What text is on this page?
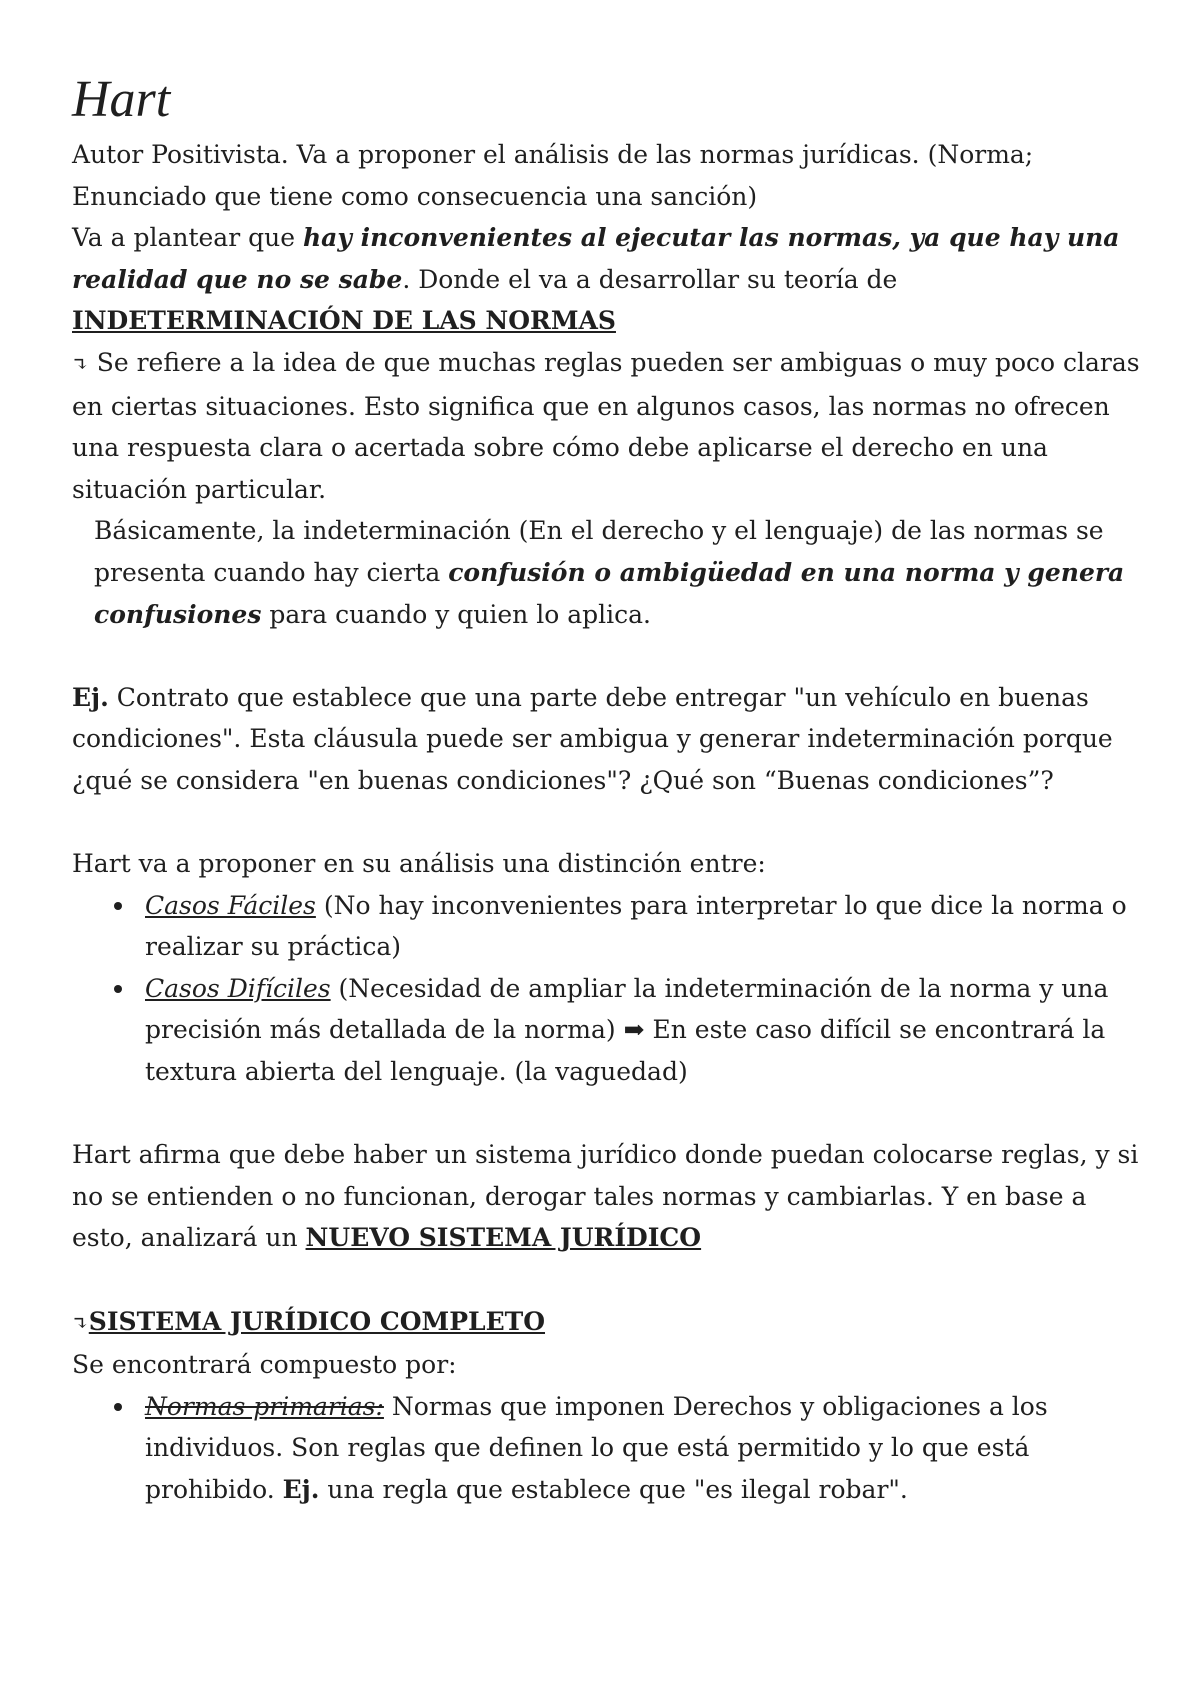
Hart

Autor Positivista. Va a proponer el análisis de las normas jurídicas. (Norma; Enunciado que tiene como consecuencia una sanción)
Va a plantear que hay inconvenientes al ejecutar las normas, ya que hay una realidad que no se sabe. Donde el va a desarrollar su teoría de
INDETERMINACIÓN DE LAS NORMAS

↴ Se refiere a la idea de que muchas reglas pueden ser ambiguas o muy poco claras en ciertas situaciones. Esto significa que en algunos casos, las normas no ofrecen una respuesta clara o acertada sobre cómo debe aplicarse el derecho en una situación particular.

Básicamente, la indeterminación (En el derecho y el lenguaje) de las normas se presenta cuando hay cierta confusión o ambigüedad en una norma y genera confusiones para cuando y quien lo aplica.

Ej. Contrato que establece que una parte debe entregar "un vehículo en buenas condiciones". Esta cláusula puede ser ambigua y generar indeterminación porque ¿qué se considera "en buenas condiciones"? ¿Qué son “Buenas condiciones”?

Hart va a proponer en su análisis una distinción entre:

Casos Fáciles (No hay inconvenientes para interpretar lo que dice la norma o realizar su práctica)
Casos Difíciles (Necesidad de ampliar la indeterminación de la norma y una precisión más detallada de la norma) ➡ En este caso difícil se encontrará la textura abierta del lenguaje. (la vaguedad)

Hart afirma que debe haber un sistema jurídico donde puedan colocarse reglas, y si no se entienden o no funcionan, derogar tales normas y cambiarlas. Y en base a esto, analizará un NUEVO SISTEMA JURÍDICO

↴SISTEMA JURÍDICO COMPLETO

Se encontrará compuesto por:

Normas primarias: Normas que imponen Derechos y obligaciones a los individuos. Son reglas que definen lo que está permitido y lo que está prohibido. Ej. una regla que establece que "es ilegal robar".
